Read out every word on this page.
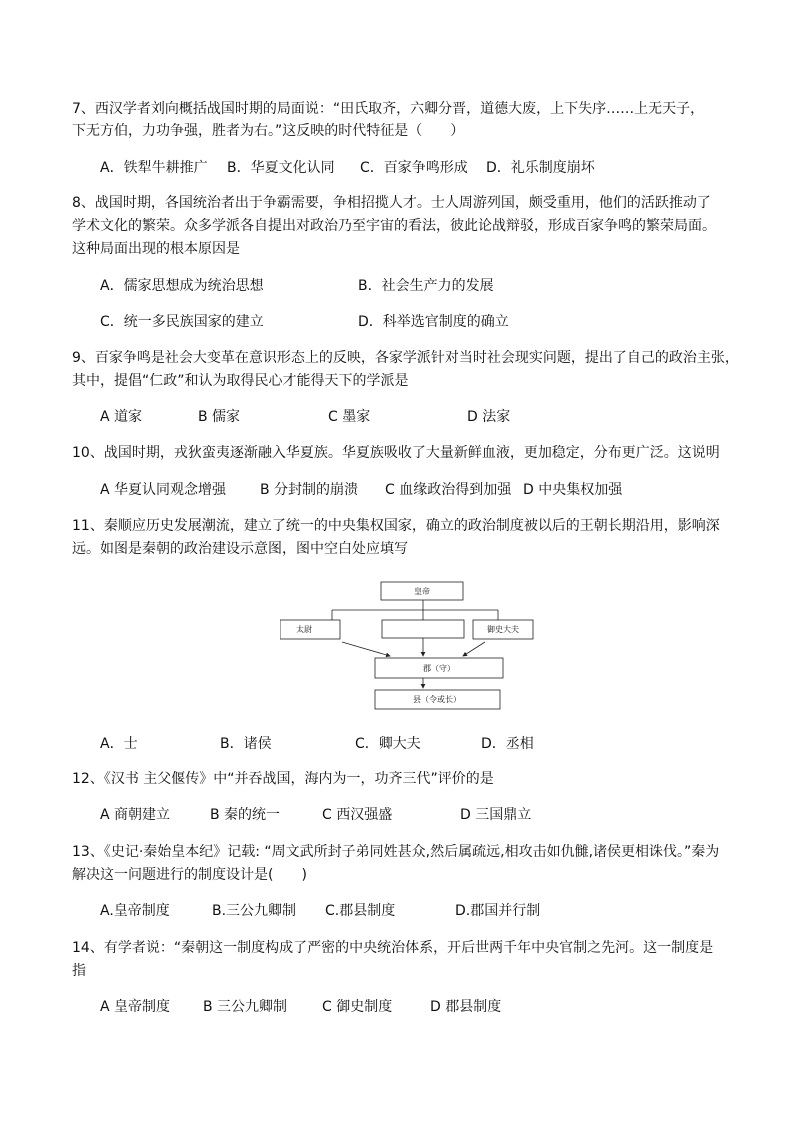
7、西汉学者刘向概括战国时期的局面说：“田氏取齐，六卿分晋，道德大废，上下失序……上无天子，
下无方伯，力功争强，胜者为右。”这反映的时代特征是（　　）
A．铁犁牛耕推广 B．华夏文化认同 C．百家争鸣形成 D．礼乐制度崩坏
8、战国时期，各国统治者出于争霸需要，争相招揽人才。士人周游列国，颇受重用，他们的活跃推动了
学术文化的繁荣。众多学派各自提出对政治乃至宇宙的看法，彼此论战辩驳，形成百家争鸣的繁荣局面。
这种局面出现的根本原因是
A．儒家思想成为统治思想	B．社会生产力的发展
C．统一多民族国家的建立	D．科举选官制度的确立
9、百家争鸣是社会大变革在意识形态上的反映，各家学派针对当时社会现实问题，提出了自己的政治主张，
其中，提倡“仁政”和认为取得民心才能得天下的学派是
A 道家	B 儒家	C 墨家	D 法家
10、战国时期，戎狄蛮夷逐渐融入华夏族。华夏族吸收了大量新鲜血液，更加稳定，分布更广泛。这说明
A 华夏认同观念增强 B 分封制的崩溃 C 血缘政治得到加强 D 中央集权加强
11、秦顺应历史发展潮流，建立了统一的中央集权国家，确立的政治制度被以后的王朝长期沿用，影响深
远。如图是秦朝的政治建设示意图，图中空白处应填写
皇帝
太尉	御史大夫
郡（守）
县（令或长）
A．士	B．诸侯	C．卿大夫	D．丞相
12、《汉书 主父偃传》中“并吞战国，海内为一，功齐三代”评价的是
A 商朝建立	B 秦的统一	C 西汉强盛	D 三国鼎立
13、《史记·秦始皇本纪》记载: “周文武所封子弟同姓甚众,然后属疏远,相攻击如仇雠,诸侯更相诛伐。”秦为
解决这一问题进行的制度设计是(　　)
A.皇帝制度	B.三公九卿制 C.郡县制度	D.郡国并行制
14、有学者说：“秦朝这一制度构成了严密的中央统治体系，开后世两千年中央官制之先河。这一制度是
指
A 皇帝制度 B 三公九卿制 C 御史制度	D 郡县制度
